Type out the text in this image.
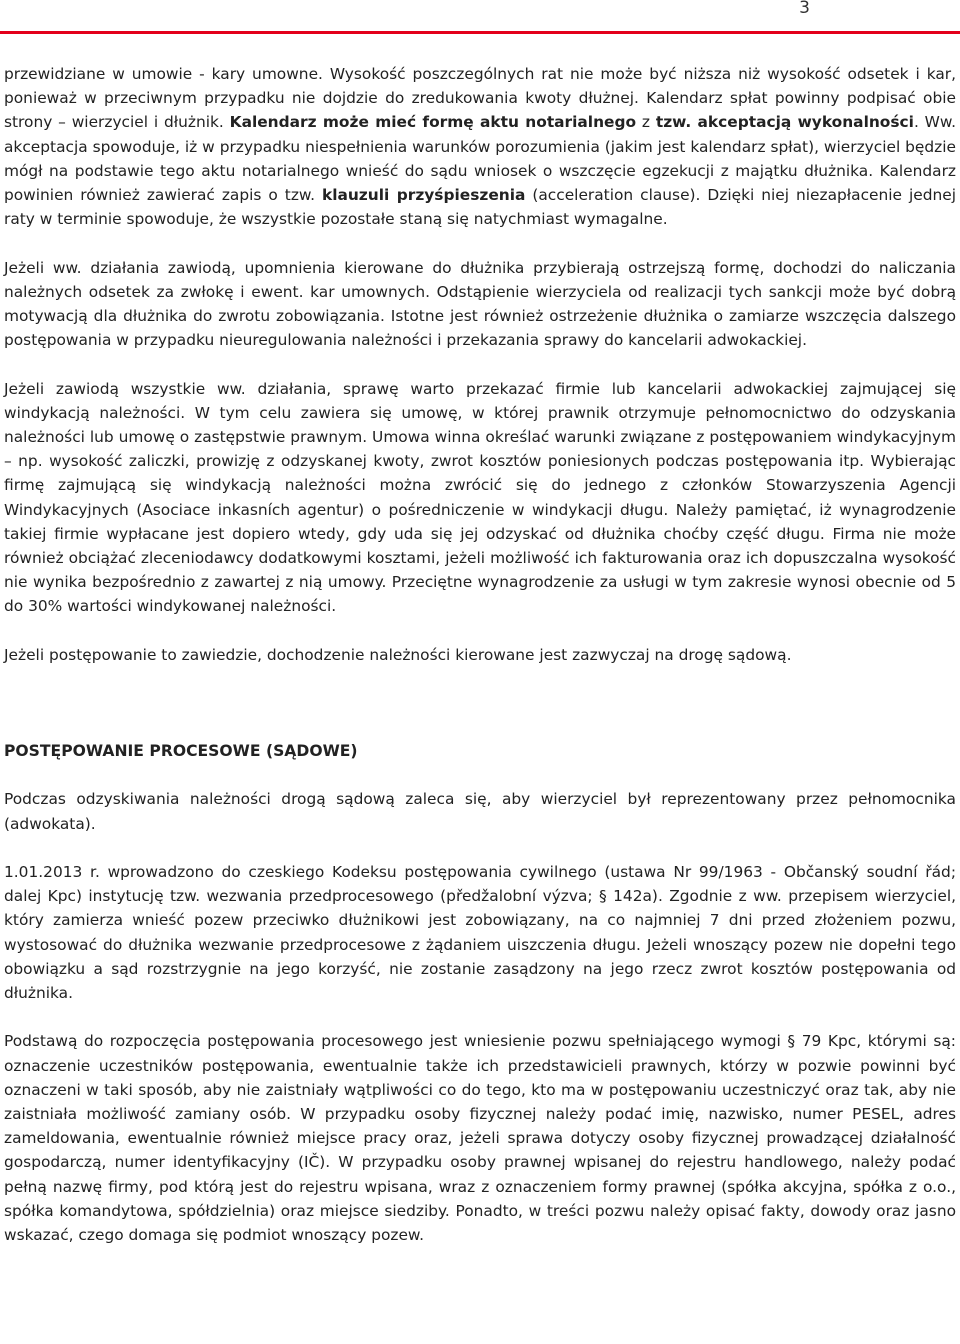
3

przewidziane w umowie - kary umowne. Wysokość poszczególnych rat nie może być niższa niż wysokość odsetek i kar, ponieważ w przeciwnym przypadku nie dojdzie do zredukowania kwoty dłużnej. Kalendarz spłat powinny podpisać obie strony – wierzyciel i dłużnik. Kalendarz może mieć formę aktu notarialnego z tzw. akceptacją wykonalności. Ww. akceptacja spowoduje, iż w przypadku niespełnienia warunków porozumienia (jakim jest kalendarz spłat), wierzyciel będzie mógł na podstawie tego aktu notarialnego wnieść do sądu wniosek o wszczęcie egzekucji z majątku dłużnika. Kalendarz powinien również zawierać zapis o tzw. klauzuli przyśpieszenia (acceleration clause). Dzięki niej niezapłacenie jednej raty w terminie spowoduje, że wszystkie pozostałe staną się natychmiast wymagalne.

Jeżeli ww. działania zawiodą, upomnienia kierowane do dłużnika przybierają ostrzejszą formę, dochodzi do naliczania należnych odsetek za zwłokę i ewent. kar umownych. Odstąpienie wierzyciela od realizacji tych sankcji może być dobrą motywacją dla dłużnika do zwrotu zobowiązania. Istotne jest również ostrzeżenie dłużnika o zamiarze wszczęcia dalszego postępowania w przypadku nieuregulowania należności i przekazania sprawy do kancelarii adwokackiej.

Jeżeli zawiodą wszystkie ww. działania, sprawę warto przekazać firmie lub kancelarii adwokackiej zajmującej się windykacją należności. W tym celu zawiera się umowę, w której prawnik otrzymuje pełnomocnictwo do odzyskania należności lub umowę o zastępstwie prawnym. Umowa winna określać warunki związane z postępowaniem windykacyjnym – np. wysokość zaliczki, prowizję z odzyskanej kwoty, zwrot kosztów poniesionych podczas postępowania itp. Wybierając firmę zajmującą się windykacją należności można zwrócić się do jednego z członków Stowarzyszenia Agencji Windykacyjnych (Asociace inkasních agentur) o pośredniczenie w windykacji długu. Należy pamiętać, iż wynagrodzenie takiej firmie wypłacane jest dopiero wtedy, gdy uda się jej odzyskać od dłużnika choćby część długu. Firma nie może również obciążać zleceniodawcy dodatkowymi kosztami, jeżeli możliwość ich fakturowania oraz ich dopuszczalna wysokość nie wynika bezpośrednio z zawartej z nią umowy. Przeciętne wynagrodzenie za usługi w tym zakresie wynosi obecnie od 5 do 30% wartości windykowanej należności.

Jeżeli postępowanie to zawiedzie, dochodzenie należności kierowane jest zazwyczaj na drogę sądową.

POSTĘPOWANIE PROCESOWE (SĄDOWE)

Podczas odzyskiwania należności drogą sądową zaleca się, aby wierzyciel był reprezentowany przez pełnomocnika (adwokata).

1.01.2013 r. wprowadzono do czeskiego Kodeksu postępowania cywilnego (ustawa Nr 99/1963 - Občanský soudní řád; dalej Kpc) instytucję tzw. wezwania przedprocesowego (předžalobní výzva; § 142a). Zgodnie z ww. przepisem wierzyciel, który zamierza wnieść pozew przeciwko dłużnikowi jest zobowiązany, na co najmniej 7 dni przed złożeniem pozwu, wystosować do dłużnika wezwanie przedprocesowe z żądaniem uiszczenia długu. Jeżeli wnoszący pozew nie dopełni tego obowiązku a sąd rozstrzygnie na jego korzyść, nie zostanie zasądzony na jego rzecz zwrot kosztów postępowania od dłużnika.

Podstawą do rozpoczęcia postępowania procesowego jest wniesienie pozwu spełniającego wymogi § 79 Kpc, którymi są: oznaczenie uczestników postępowania, ewentualnie także ich przedstawicieli prawnych, którzy w pozwie powinni być oznaczeni w taki sposób, aby nie zaistniały wątpliwości co do tego, kto ma w postępowaniu uczestniczyć oraz tak, aby nie zaistniała możliwość zamiany osób. W przypadku osoby fizycznej należy podać imię, nazwisko, numer PESEL, adres zameldowania, ewentualnie również miejsce pracy oraz, jeżeli sprawa dotyczy osoby fizycznej prowadzącej działalność gospodarczą, numer identyfikacyjny (IČ). W przypadku osoby prawnej wpisanej do rejestru handlowego, należy podać pełną nazwę firmy, pod którą jest do rejestru wpisana, wraz z oznaczeniem formy prawnej (spółka akcyjna, spółka z o.o., spółka komandytowa, spółdzielnia) oraz miejsce siedziby. Ponadto, w treści pozwu należy opisać fakty, dowody oraz jasno wskazać, czego domaga się podmiot wnoszący pozew.
